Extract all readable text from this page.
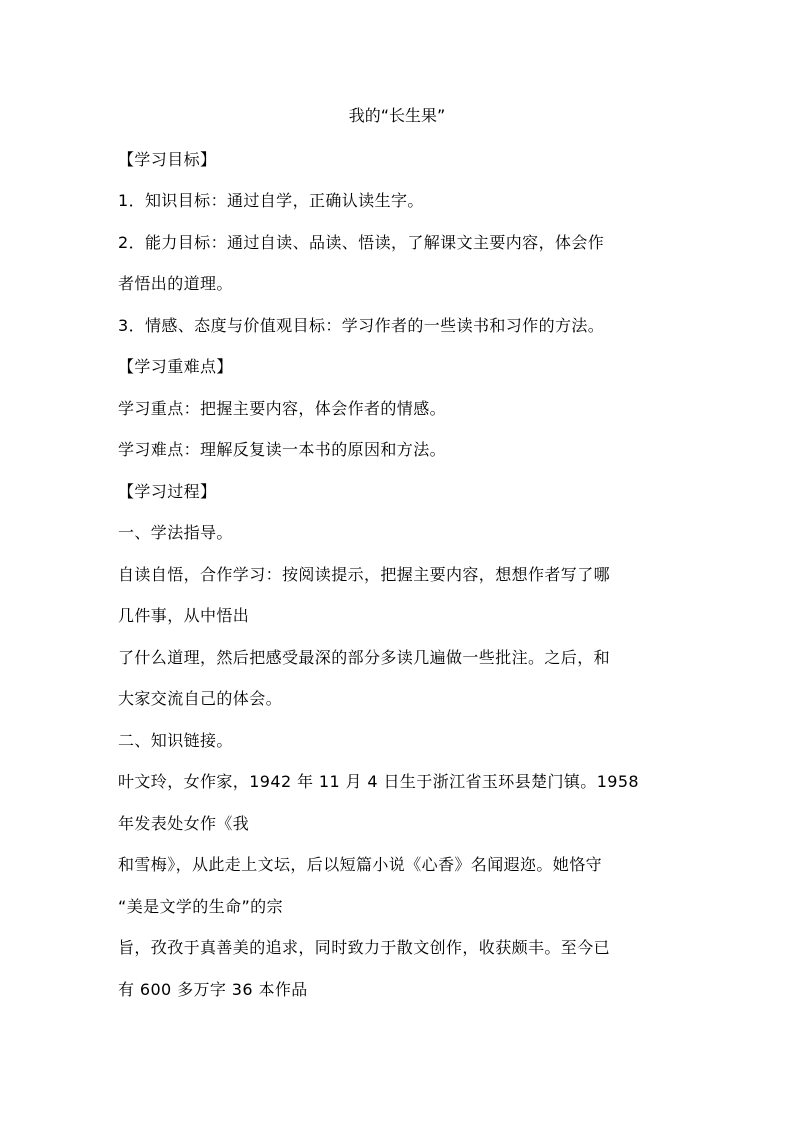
我的“长生果”
【学习目标】
1．知识目标：通过自学，正确认读生字。
2．能力目标：通过自读、品读、悟读，了解课文主要内容，体会作
者悟出的道理。
3．情感、态度与价值观目标：学习作者的一些读书和习作的方法。
【学习重难点】
学习重点：把握主要内容，体会作者的情感。
学习难点：理解反复读一本书的原因和方法。
【学习过程】
一、学法指导。
自读自悟，合作学习：按阅读提示，把握主要内容，想想作者写了哪
几件事，从中悟出
了什么道理，然后把感受最深的部分多读几遍做一些批注。之后，和
大家交流自己的体会。
二、知识链接。
叶文玲，女作家，1942 年 11 月 4 日生于浙江省玉环县楚门镇。1958
年发表处女作《我
和雪梅》，从此走上文坛，后以短篇小说《心香》名闻遐迩。她恪守
“美是文学的生命”的宗
旨，孜孜于真善美的追求，同时致力于散文创作，收获颇丰。至今已
有 600 多万字 36 本作品
